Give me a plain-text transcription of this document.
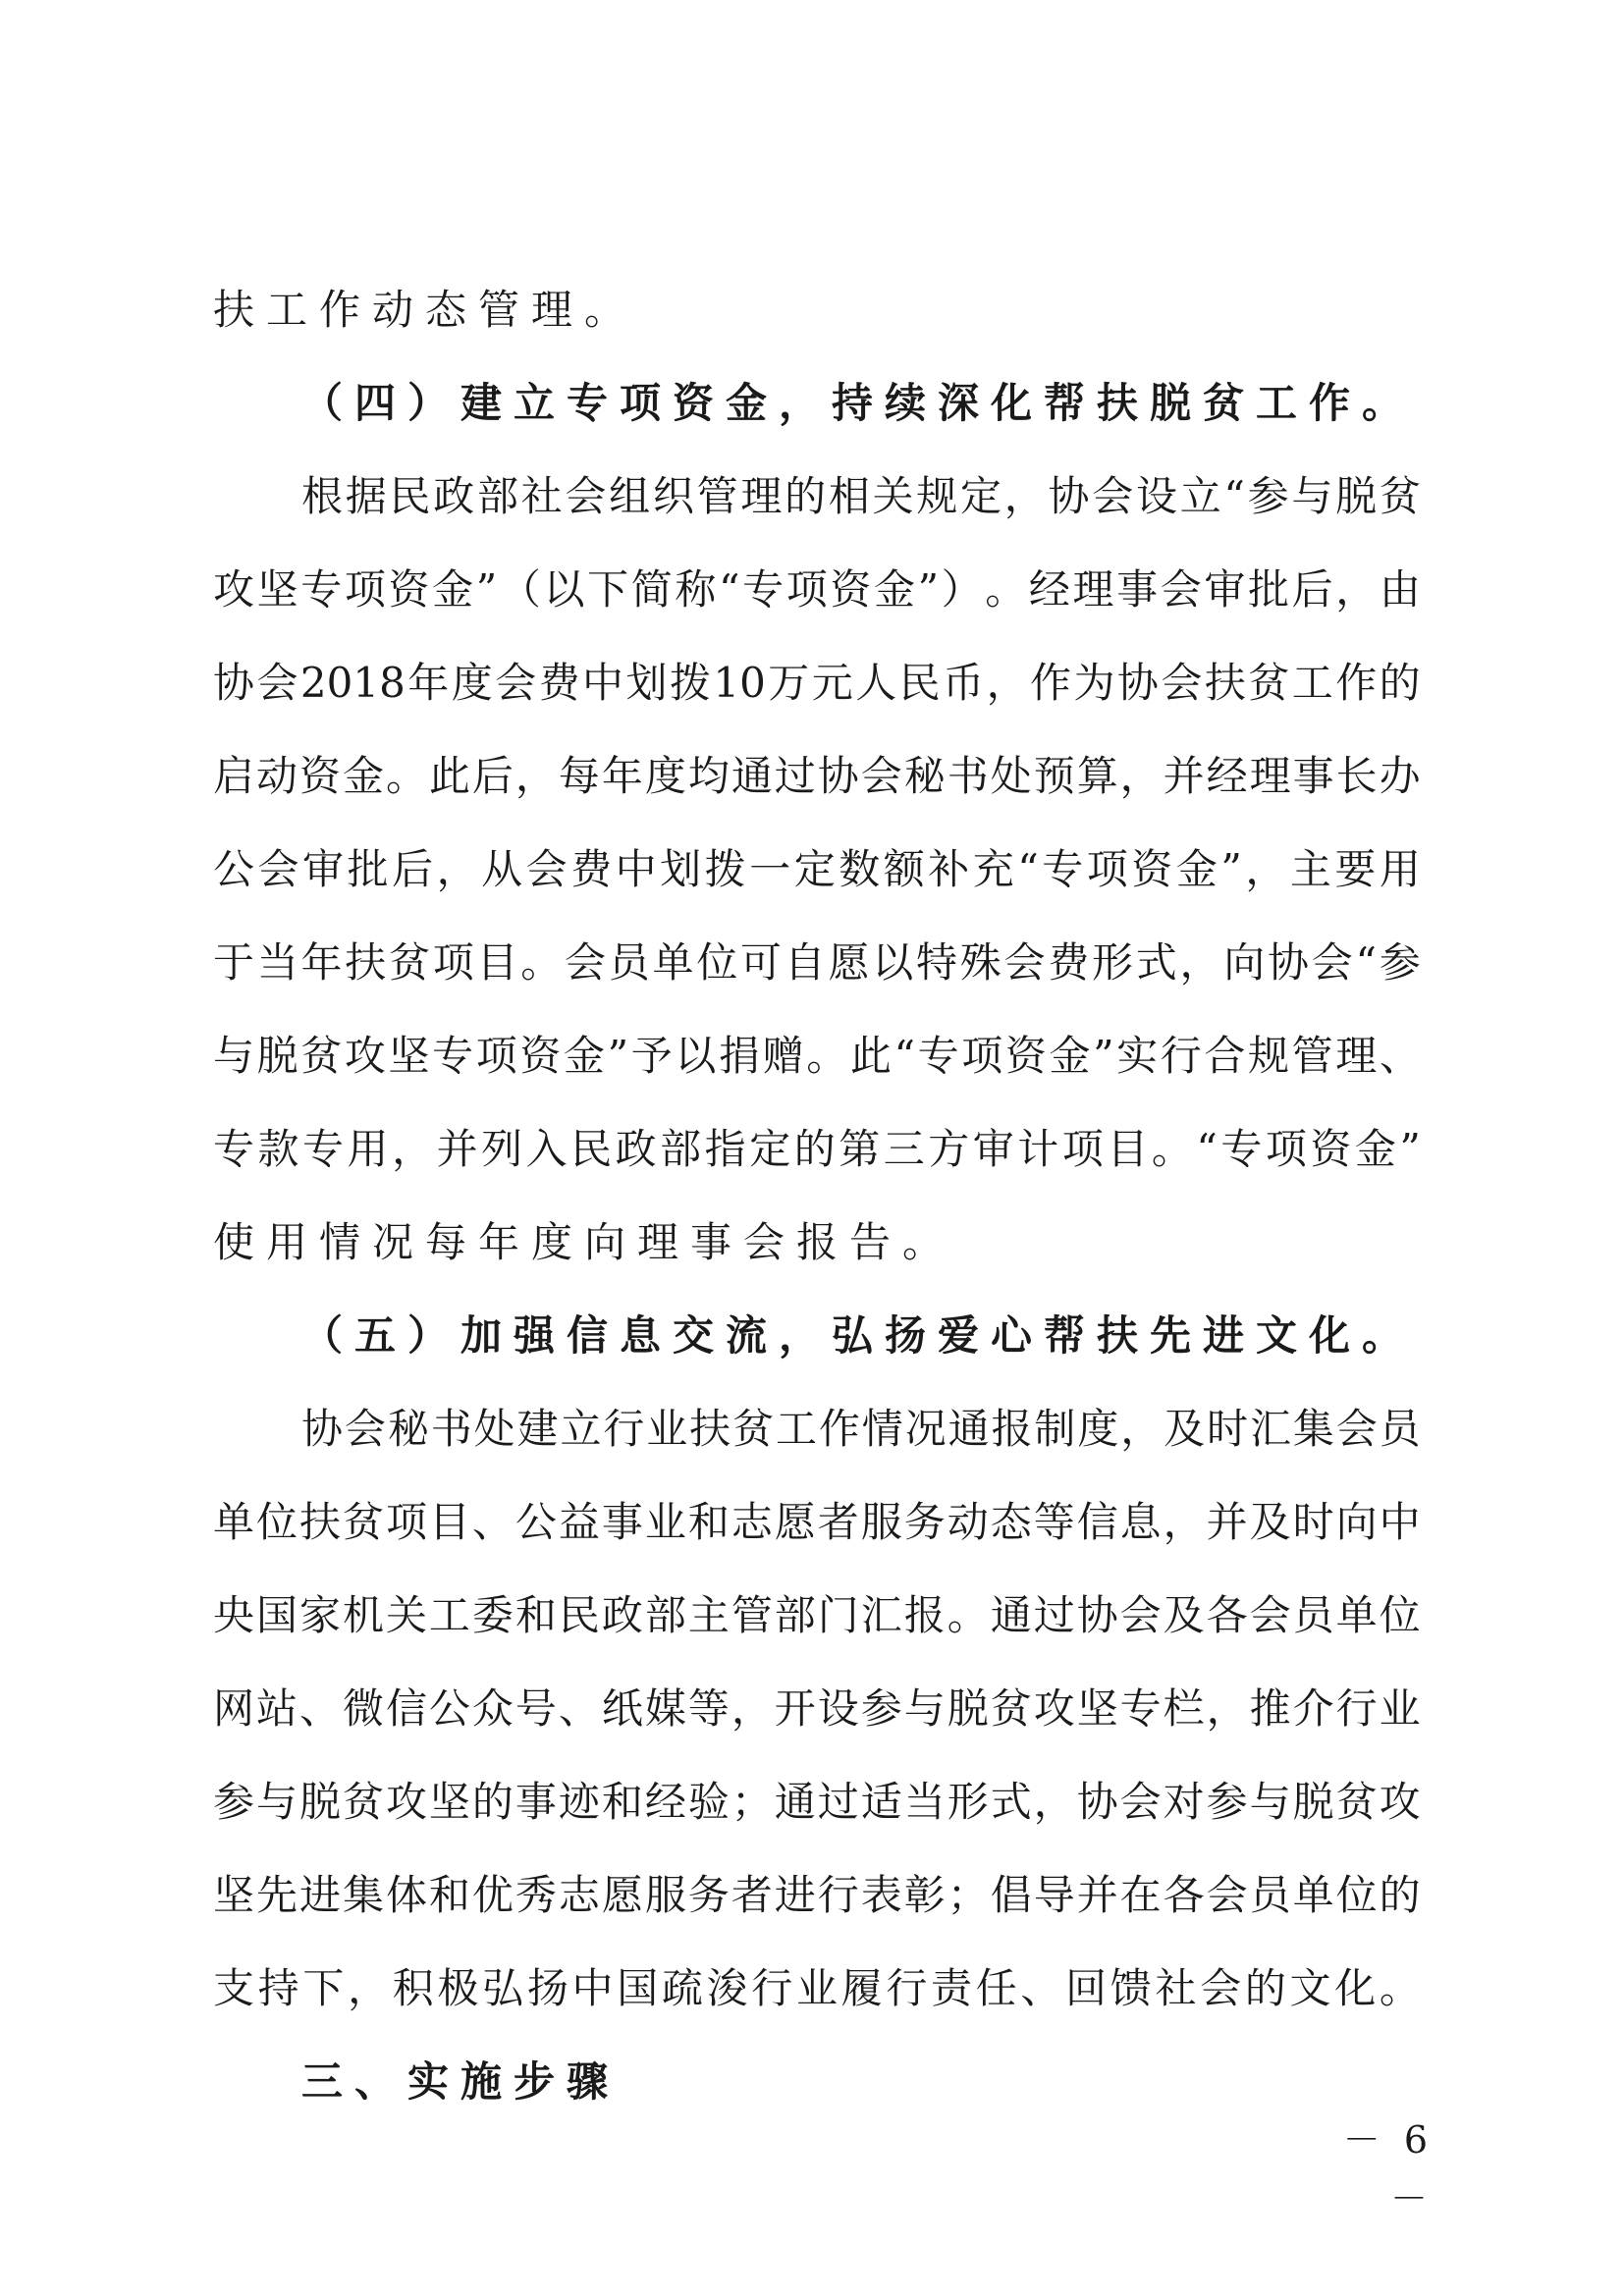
扶工作动态管理。
（四）建立专项资金，持续深化帮扶脱贫工作。
根 据 民 政 部 社 会 组 织 管 理 的 相 关 规 定 ， 协 会 设 立 “ 参 与 脱 贫
攻 坚 专 项 资 金 ” （ 以 下 简 称 “ 专 项 资 金 ” ） 。 经 理 事 会 审 批 后 ， 由
协 会 2018 年 度 会 费 中 划 拨 10 万 元 人 民 币 ， 作 为 协 会 扶 贫 工 作 的
启 动 资 金 。 此 后 ， 每 年 度 均 通 过 协 会 秘 书 处 预 算 ， 并 经 理 事 长 办
公 会 审 批 后 ， 从 会 费 中 划 拨 一 定 数 额 补 充 “ 专 项 资 金 ” ， 主 要 用
于 当 年 扶 贫 项 目 。 会 员 单 位 可 自 愿 以 特 殊 会 费 形 式 ， 向 协 会 “ 参
与 脱 贫 攻 坚 专 项 资 金 ” 予 以 捐 赠 。 此 “ 专 项 资 金 ” 实 行 合 规 管 理 、
专 款 专 用 ， 并 列 入 民 政 部 指 定 的 第 三 方 审 计 项 目 。 “ 专 项 资 金 ”
使用情况每年度向理事会报告。
（五）加强信息交流，弘扬爱心帮扶先进文化。
协 会 秘 书 处 建 立 行 业 扶 贫 工 作 情 况 通 报 制 度 ， 及 时 汇 集 会 员
单 位 扶 贫 项 目 、 公 益 事 业 和 志 愿 者 服 务 动 态 等 信 息 ， 并 及 时 向 中
央 国 家 机 关 工 委 和 民 政 部 主 管 部 门 汇 报 。 通 过 协 会 及 各 会 员 单 位
网 站 、 微 信 公 众 号 、 纸 媒 等 ， 开 设 参 与 脱 贫 攻 坚 专 栏 ， 推 介 行 业
参 与 脱 贫 攻 坚 的 事 迹 和 经 验 ； 通 过 适 当 形 式 ， 协 会 对 参 与 脱 贫 攻
坚 先 进 集 体 和 优 秀 志 愿 服 务 者 进 行 表 彰 ； 倡 导 并 在 各 会 员 单 位 的
支 持 下 ， 积 极 弘 扬 中 国 疏 浚 行 业 履 行 责 任 、 回 馈 社 会 的 文 化 。
三、实施步骤
－ 6 －
